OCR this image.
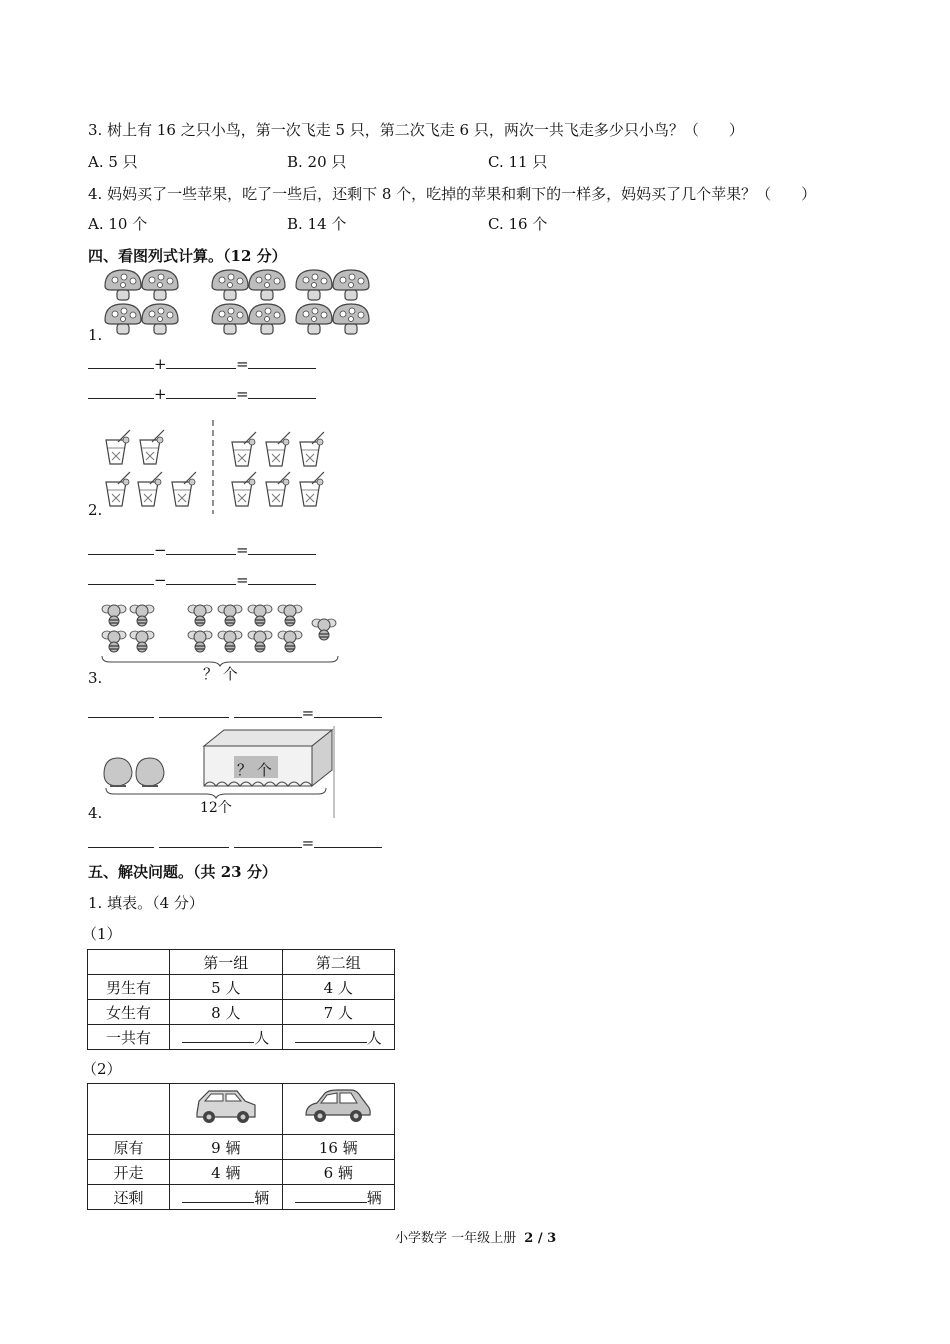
3. 树上有 16 之只小鸟，第一次飞走 5 只，第二次飞走 6 只，两次一共飞走多少只小鸟？（　　）
A. 5 只	B. 20 只	C. 11 只
4. 妈妈买了一些苹果，吃了一些后，还剩下 8 个，吃掉的苹果和剩下的一样多，妈妈买了几个苹果？（　　）
A. 10 个	B. 14 个	C. 16 个
四、看图列式计算。（12 分）
1.
+	=
+	=
2.
−	=
−	=
？ 个
3.
=
？ 个
12个
4.
=
五、解决问题。（共 23 分）
1. 填表。（4 分）
（1）
	第一组	第二组
男生有	5 人	4 人
女生有	8 人	7 人
一共有	人	人
（2）

原有	9 辆	16 辆
开走	4 辆	6 辆
还剩	辆	辆
小学数学 一年级上册 2 / 3
